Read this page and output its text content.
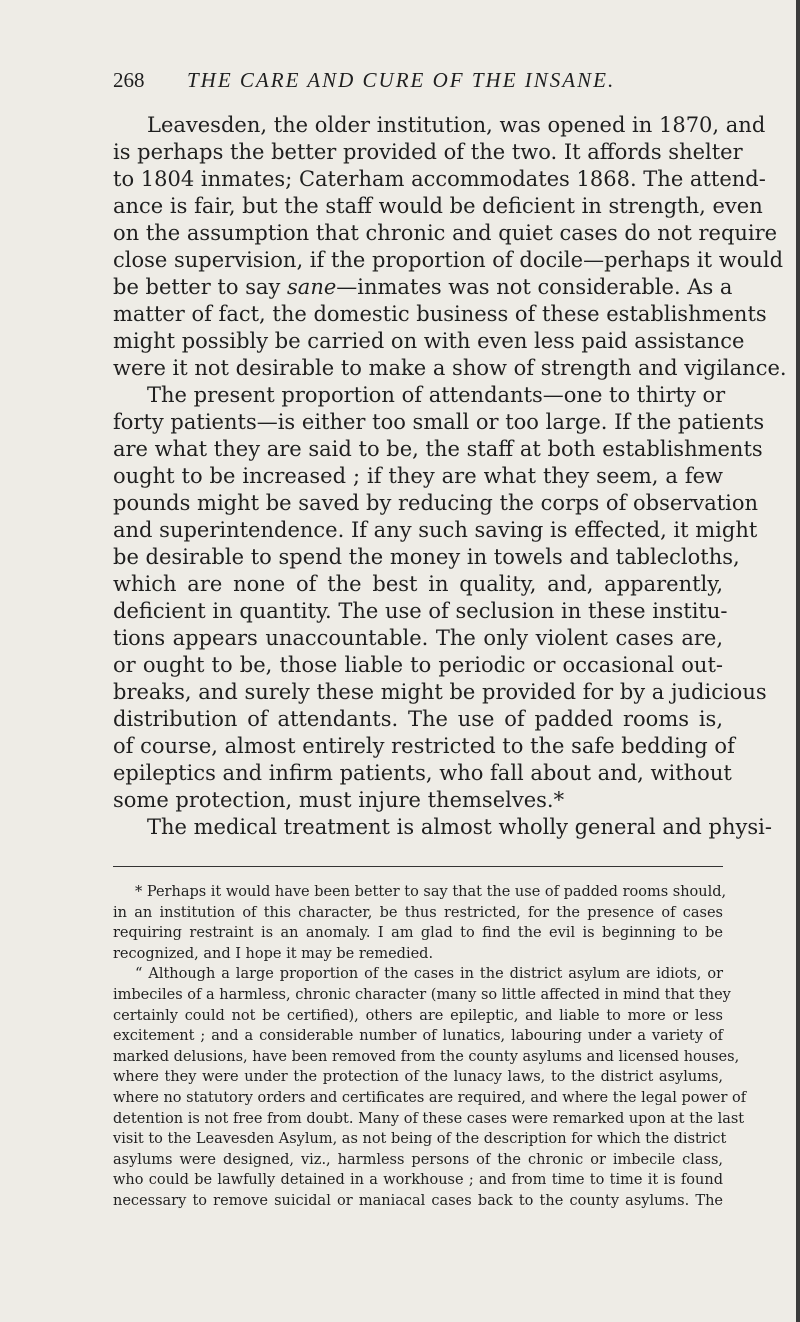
268 THE CARE AND CURE OF THE INSANE.
Leavesden, the older institution, was opened in 1870, and
is perhaps the better provided of the two. It affords shelter
to 1804 inmates; Caterham accommodates 1868. The attend-
ance is fair, but the staff would be deficient in strength, even
on the assumption that chronic and quiet cases do not require
close supervision, if the proportion of docile—perhaps it would
be better to say sane—inmates was not considerable. As a
matter of fact, the domestic business of these establishments
might possibly be carried on with even less paid assistance
were it not desirable to make a show of strength and vigilance.
The present proportion of attendants—one to thirty or
forty patients—is either too small or too large. If the patients
are what they are said to be, the staff at both establishments
ought to be increased ; if they are what they seem, a few
pounds might be saved by reducing the corps of observation
and superintendence. If any such saving is effected, it might
be desirable to spend the money in towels and tablecloths,
which are none of the best in quality, and, apparently,
deficient in quantity. The use of seclusion in these institu-
tions appears unaccountable. The only violent cases are,
or ought to be, those liable to periodic or occasional out-
breaks, and surely these might be provided for by a judicious
distribution of attendants. The use of padded rooms is,
of course, almost entirely restricted to the safe bedding of
epileptics and infirm patients, who fall about and, without
some protection, must injure themselves.*
The medical treatment is almost wholly general and physi-
* Perhaps it would have been better to say that the use of padded rooms should,
in an institution of this character, be thus restricted, for the presence of cases
requiring restraint is an anomaly. I am glad to find the evil is beginning to be
recognized, and I hope it may be remedied.
“ Although a large proportion of the cases in the district asylum are idiots, or
imbeciles of a harmless, chronic character (many so little affected in mind that they
certainly could not be certified), others are epileptic, and liable to more or less
excitement ; and a considerable number of lunatics, labouring under a variety of
marked delusions, have been removed from the county asylums and licensed houses,
where they were under the protection of the lunacy laws, to the district asylums,
where no statutory orders and certificates are required, and where the legal power of
detention is not free from doubt. Many of these cases were remarked upon at the last
visit to the Leavesden Asylum, as not being of the description for which the district
asylums were designed, viz., harmless persons of the chronic or imbecile class,
who could be lawfully detained in a workhouse ; and from time to time it is found
necessary to remove suicidal or maniacal cases back to the county asylums. The
